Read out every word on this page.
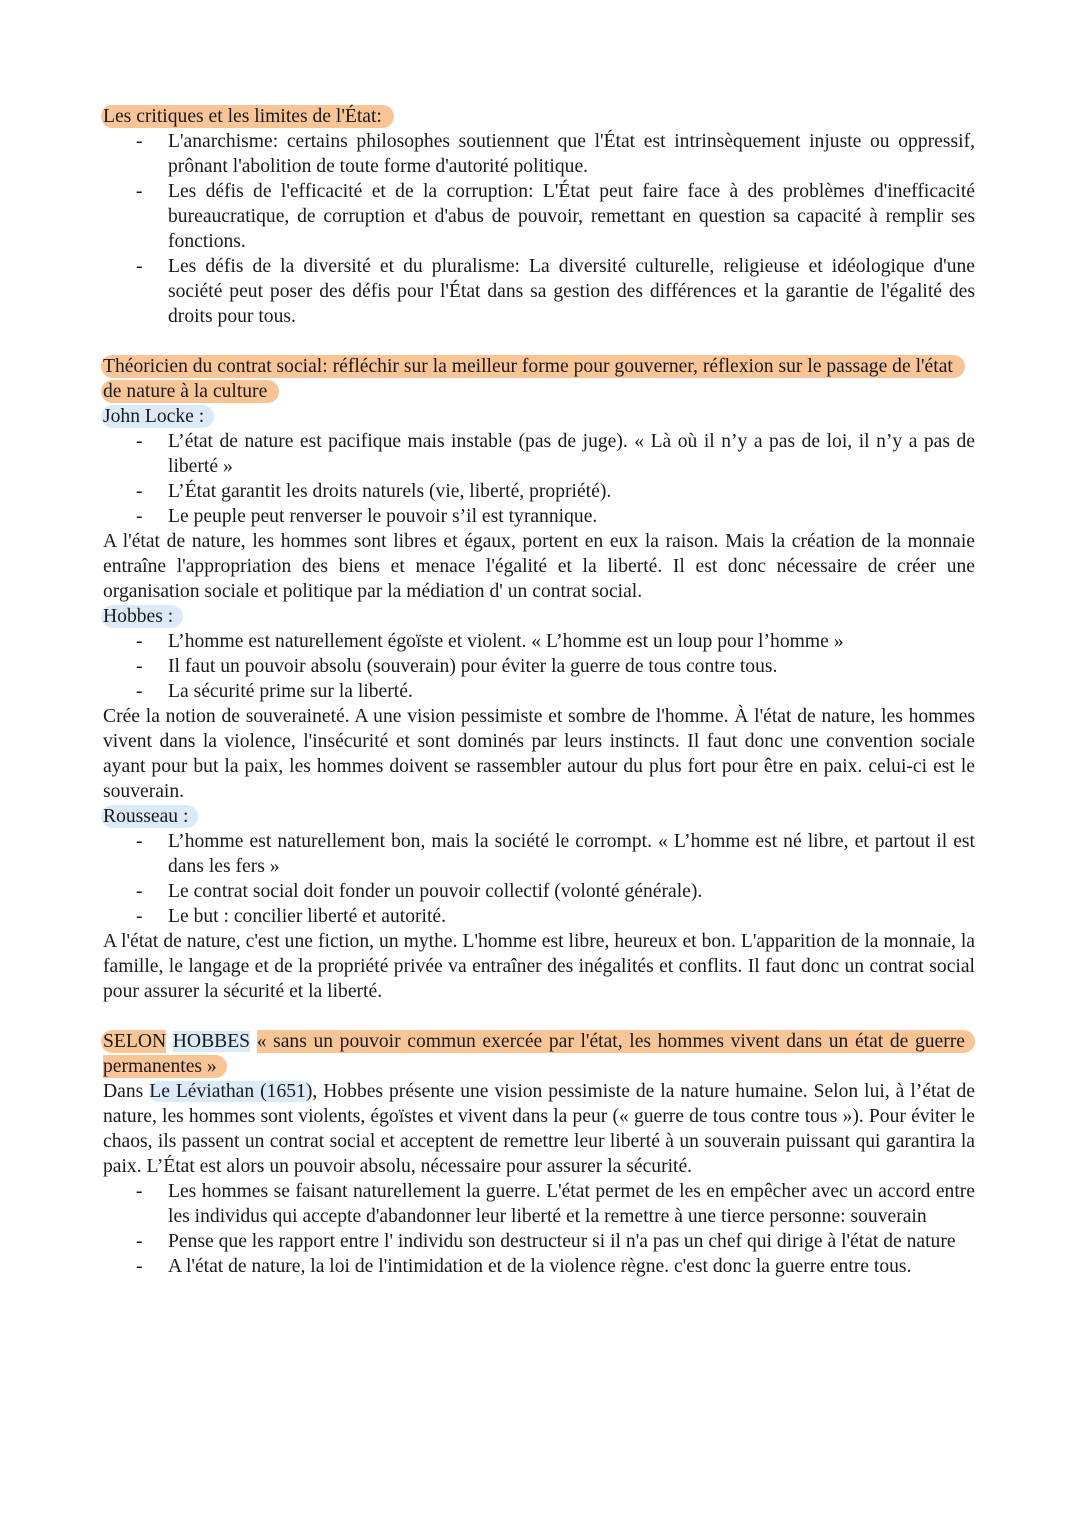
Les critiques et les limites de l'État:

- L'anarchisme: certains philosophes soutiennent que l'État est intrinsèquement injuste ou oppressif, prônant l'abolition de toute forme d'autorité politique.
- Les défis de l'efficacité et de la corruption: L'État peut faire face à des problèmes d'inefficacité bureaucratique, de corruption et d'abus de pouvoir, remettant en question sa capacité à remplir ses fonctions.
- Les défis de la diversité et du pluralisme: La diversité culturelle, religieuse et idéologique d'une société peut poser des défis pour l'État dans sa gestion des différences et la garantie de l'égalité des droits pour tous.

Théoricien du contrat social: réfléchir sur la meilleur forme pour gouverner, réflexion sur le passage de l'état de nature à la culture

John Locke :

- L’état de nature est pacifique mais instable (pas de juge). « Là où il n’y a pas de loi, il n’y a pas de liberté »
- L’État garantit les droits naturels (vie, liberté, propriété).
- Le peuple peut renverser le pouvoir s’il est tyrannique.

A l'état de nature, les hommes sont libres et égaux, portent en eux la raison. Mais la création de la monnaie entraîne l'appropriation des biens et menace l'égalité et la liberté. Il est donc nécessaire de créer une organisation sociale et politique par la médiation d' un contrat social.

Hobbes :

- L’homme est naturellement égoïste et violent. « L’homme est un loup pour l’homme »
- Il faut un pouvoir absolu (souverain) pour éviter la guerre de tous contre tous.
- La sécurité prime sur la liberté.

Crée la notion de souveraineté. A une vision pessimiste et sombre de l'homme. À l'état de nature, les hommes vivent dans la violence, l'insécurité et sont dominés par leurs instincts. Il faut donc une convention sociale ayant pour but la paix, les hommes doivent se rassembler autour du plus fort pour être en paix. celui-ci est le souverain.

Rousseau :

- L’homme est naturellement bon, mais la société le corrompt. « L’homme est né libre, et partout il est dans les fers »
- Le contrat social doit fonder un pouvoir collectif (volonté générale).
- Le but : concilier liberté et autorité.

A l'état de nature, c'est une fiction, un mythe. L'homme est libre, heureux et bon. L'apparition de la monnaie, la famille, le langage et de la propriété privée va entraîner des inégalités et conflits. Il faut donc un contrat social pour assurer la sécurité et la liberté.

SELON HOBBES « sans un pouvoir commun exercée par l'état, les hommes vivent dans un état de guerre permanentes »

Dans Le Léviathan (1651), Hobbes présente une vision pessimiste de la nature humaine. Selon lui, à l’état de nature, les hommes sont violents, égoïstes et vivent dans la peur (« guerre de tous contre tous »). Pour éviter le chaos, ils passent un contrat social et acceptent de remettre leur liberté à un souverain puissant qui garantira la paix. L’État est alors un pouvoir absolu, nécessaire pour assurer la sécurité.

- Les hommes se faisant naturellement la guerre. L'état permet de les en empêcher avec un accord entre les individus qui accepte d'abandonner leur liberté et la remettre à une tierce personne: souverain
- Pense que les rapport entre l' individu son destructeur si il n'a pas un chef qui dirige à l'état de nature
- A l'état de nature, la loi de l'intimidation et de la violence règne. c'est donc la guerre entre tous.
